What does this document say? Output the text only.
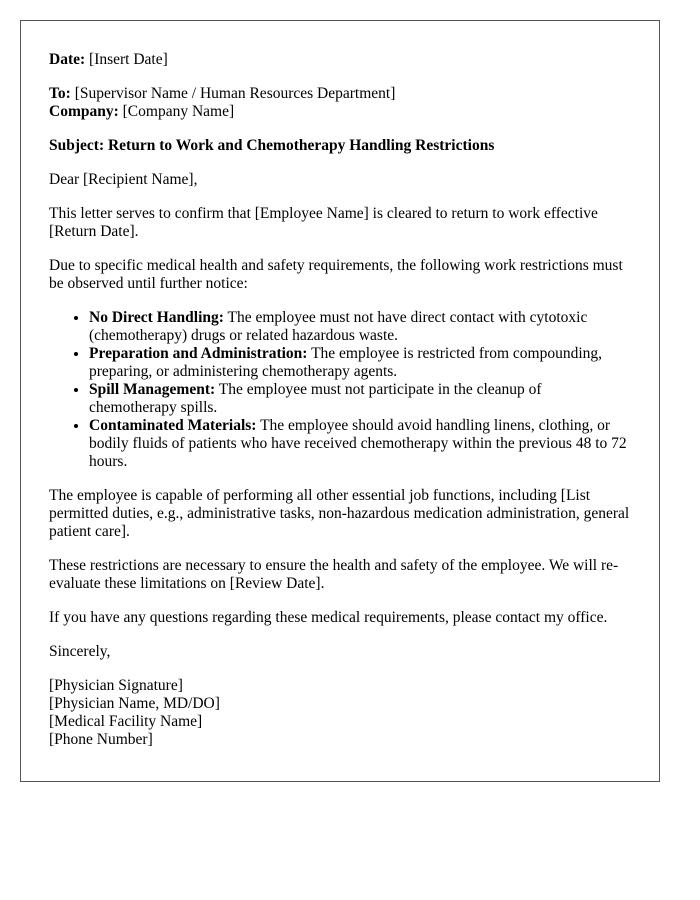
Date: [Insert Date]

To: [Supervisor Name / Human Resources Department]

Company: [Company Name]

Subject: Return to Work and Chemotherapy Handling Restrictions

Dear [Recipient Name],

This letter serves to confirm that [Employee Name] is cleared to return to work effective [Return Date].

Due to specific medical health and safety requirements, the following work restrictions must be observed until further notice:

• No Direct Handling: The employee must not have direct contact with cytotoxic (chemotherapy) drugs or related hazardous waste.
• Preparation and Administration: The employee is restricted from compounding, preparing, or administering chemotherapy agents.
• Spill Management: The employee must not participate in the cleanup of chemotherapy spills.
• Contaminated Materials: The employee should avoid handling linens, clothing, or bodily fluids of patients who have received chemotherapy within the previous 48 to 72 hours.

The employee is capable of performing all other essential job functions, including [List permitted duties, e.g., administrative tasks, non-hazardous medication administration, general patient care].

These restrictions are necessary to ensure the health and safety of the employee. We will re-evaluate these limitations on [Review Date].

If you have any questions regarding these medical requirements, please contact my office.

Sincerely,

[Physician Signature]

[Physician Name, MD/DO]

[Medical Facility Name]

[Phone Number]
